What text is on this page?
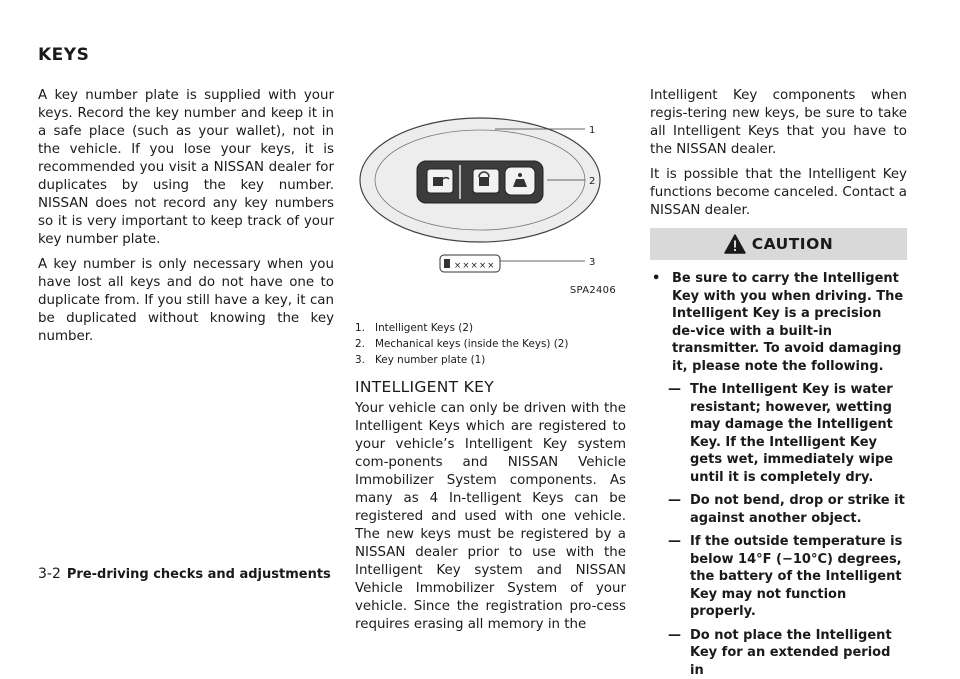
KEYS

A key number plate is supplied with your keys. Record the key number and keep it in a safe place (such as your wallet), not in the vehicle. If you lose your keys, it is recommended you visit a NISSAN dealer for duplicates by using the key number. NISSAN does not record any key numbers so it is very important to keep track of your key number plate.

A key number is only necessary when you have lost all keys and do not have one to duplicate from. If you still have a key, it can be duplicated without knowing the key number.

×××××
1
2
3
SPA2406
1. Intelligent Keys (2)
2. Mechanical keys (inside the Keys) (2)
3. Key number plate (1)
INTELLIGENT KEY

Your vehicle can only be driven with the Intelligent Keys which are registered to your vehicle’s Intelligent Key system com-ponents and NISSAN Vehicle Immobilizer System components. As many as 4 In-telligent Keys can be registered and used with one vehicle. The new keys must be registered by a NISSAN dealer prior to use with the Intelligent Key system and NISSAN Vehicle Immobilizer System of your vehicle. Since the registration pro-cess requires erasing all memory in the

Intelligent Key components when regis-tering new keys, be sure to take all Intelligent Keys that you have to the NISSAN dealer.

It is possible that the Intelligent Key functions become canceled. Contact a NISSAN dealer.

CAUTION
• Be sure to carry the Intelligent Key with you when driving. The Intelligent Key is a precision de-vice with a built-in transmitter. To avoid damaging it, please note the following.
— The Intelligent Key is water resistant; however, wetting may damage the Intelligent Key. If the Intelligent Key gets wet, immediately wipe until it is completely dry.
— Do not bend, drop or strike it against another object.
— If the outside temperature is below 14°F (−10°C) degrees, the battery of the Intelligent Key may not function properly.
— Do not place the Intelligent Key for an extended period in
3-2 Pre-driving checks and adjustments
